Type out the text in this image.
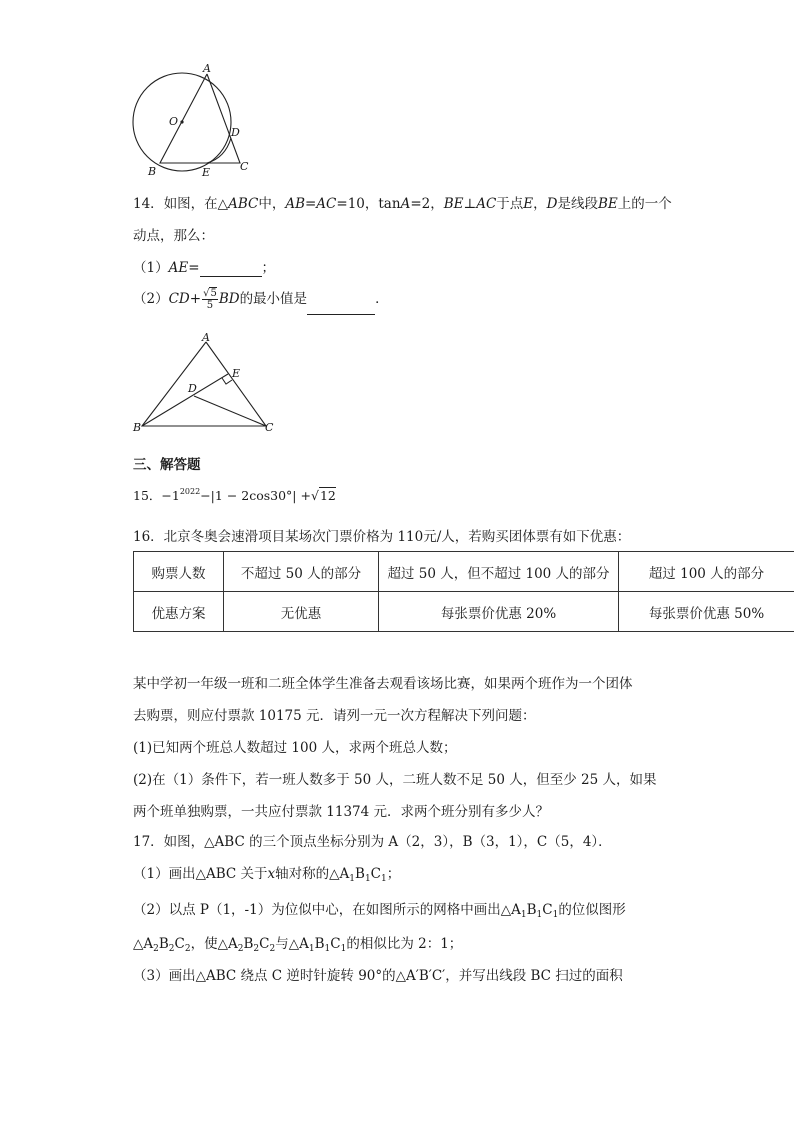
A
O
D
B	E	C
14．如图，在△ABC中，AB=AC=10，tanA=2，BE⊥AC于点E，D是线段BE上的一个
动点，那么：
（1）AE=	；
$(2)CD+ \frac{√5}{5}$ BD的最小值是	．
A
E
D
B	C
三、解答题
15．$-1^{2022}-|1 - 2\cos 30^\circ| +√12$
16．北京冬奥会速滑项目某场次门票价格为 110元/人，若购买团体票有如下优惠：
购票人数	不超过 50 人的部分	超过 50 人，但不超过 100 人的部分	超过 100 人的部分
优惠方案	无优惠	每张票价优惠 20%	每张票价优惠 50%
某中学初一年级一班和二班全体学生准备去观看该场比赛，如果两个班作为一个团体
去购票，则应付票款 10175 元．请列一元一次方程解决下列问题：
(1)已知两个班总人数超过 100 人，求两个班总人数；
(2)在（1）条件下，若一班人数多于 50 人，二班人数不足 50 人，但至少 25 人，如果
两个班单独购票，一共应付票款 11374 元．求两个班分别有多少人？
17．如图，△ABC 的三个顶点坐标分别为 A（2，3），B（3，1），C（5，4）．
（1）画出△ABC 关于x轴对称的$\triangle A_1B_1C_1$；
（2）以点 P（1，-1）为位似中心，在如图所示的网格中画出$\triangle A_1B_1C_1$的位似图形
$\triangle A_2B_2C_2$，使$\triangle A_2B_2C_2$与$\triangle A_1B_1C_1$的相似比为 2：1；
（3）画出△ABC 绕点 C 逆时针旋转 90°的△A′B′C′，并写出线段 BC 扫过的面积
